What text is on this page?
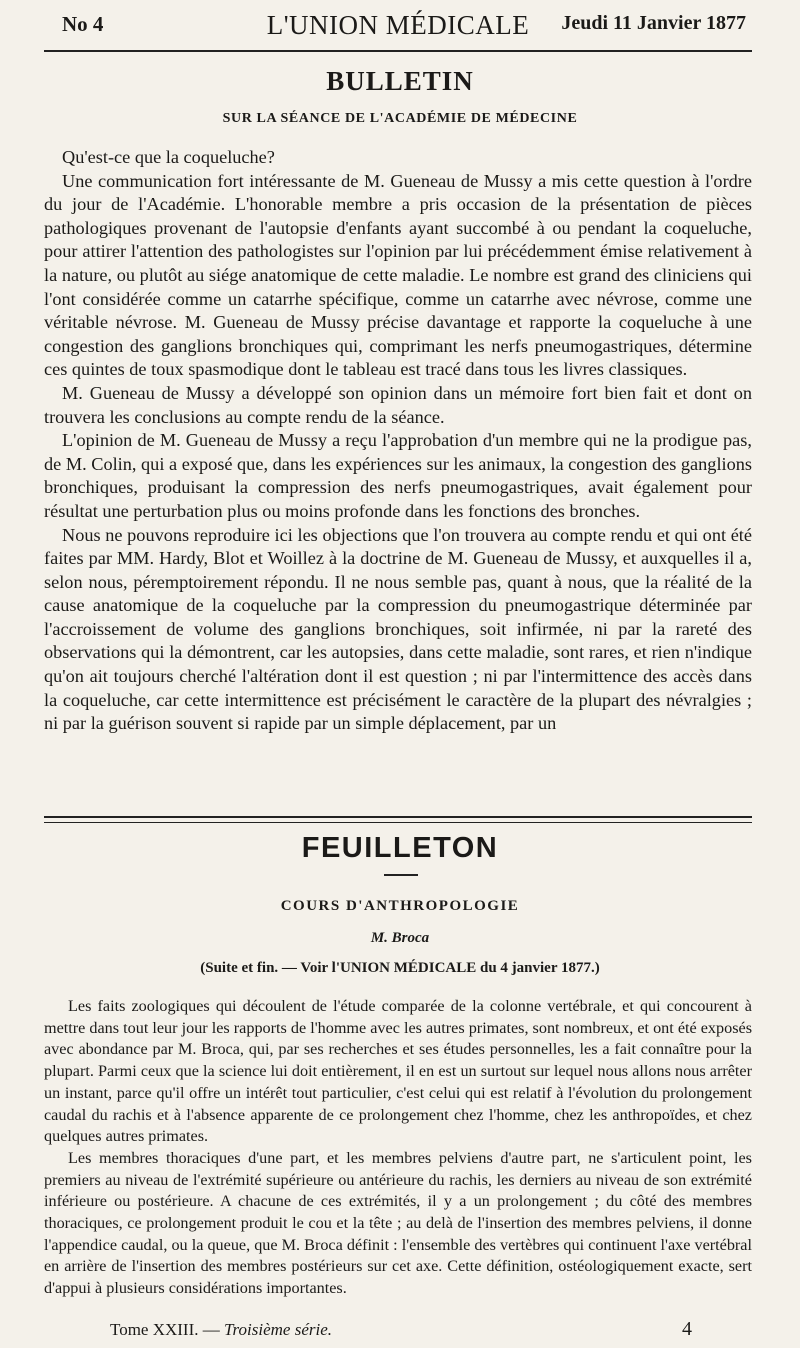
No 4	L'UNION MÉDICALE	Jeudi 11 Janvier 1877
BULLETIN
SUR LA SÉANCE DE L'ACADÉMIE DE MÉDECINE

Qu'est-ce que la coqueluche?

Une communication fort intéressante de M. Gueneau de Mussy a mis cette question à l'ordre du jour de l'Académie. L'honorable membre a pris occasion de la présentation de pièces pathologiques provenant de l'autopsie d'enfants ayant succombé à ou pendant la coqueluche, pour attirer l'attention des pathologistes sur l'opinion par lui précédemment émise relativement à la nature, ou plutôt au siége anatomique de cette maladie. Le nombre est grand des cliniciens qui l'ont considérée comme un catarrhe spécifique, comme un catarrhe avec névrose, comme une véritable névrose. M. Gueneau de Mussy précise davantage et rapporte la coqueluche à une congestion des ganglions bronchiques qui, comprimant les nerfs pneumogastriques, détermine ces quintes de toux spasmodique dont le tableau est tracé dans tous les livres classiques.

M. Gueneau de Mussy a développé son opinion dans un mémoire fort bien fait et dont on trouvera les conclusions au compte rendu de la séance.

L'opinion de M. Gueneau de Mussy a reçu l'approbation d'un membre qui ne la prodigue pas, de M. Colin, qui a exposé que, dans les expériences sur les animaux, la congestion des ganglions bronchiques, produisant la compression des nerfs pneumogastriques, avait également pour résultat une perturbation plus ou moins profonde dans les fonctions des bronches.

Nous ne pouvons reproduire ici les objections que l'on trouvera au compte rendu et qui ont été faites par MM. Hardy, Blot et Woillez à la doctrine de M. Gueneau de Mussy, et auxquelles il a, selon nous, péremptoirement répondu. Il ne nous semble pas, quant à nous, que la réalité de la cause anatomique de la coqueluche par la compression du pneumogastrique déterminée par l'accroissement de volume des ganglions bronchiques, soit infirmée, ni par la rareté des observations qui la démontrent, car les autopsies, dans cette maladie, sont rares, et rien n'indique qu'on ait toujours cherché l'altération dont il est question ; ni par l'intermittence des accès dans la coqueluche, car cette intermittence est précisément le caractère de la plupart des névralgies ; ni par la guérison souvent si rapide par un simple déplacement, par un

FEUILLETON
COURS D'ANTHROPOLOGIE
M. Broca
(Suite et fin. — Voir l'UNION MÉDICALE du 4 janvier 1877.)

Les faits zoologiques qui découlent de l'étude comparée de la colonne vertébrale, et qui concourent à mettre dans tout leur jour les rapports de l'homme avec les autres primates, sont nombreux, et ont été exposés avec abondance par M. Broca, qui, par ses recherches et ses études personnelles, les a fait connaître pour la plupart. Parmi ceux que la science lui doit entièrement, il en est un surtout sur lequel nous allons nous arrêter un instant, parce qu'il offre un intérêt tout particulier, c'est celui qui est relatif à l'évolution du prolongement caudal du rachis et à l'absence apparente de ce prolongement chez l'homme, chez les anthropoïdes, et chez quelques autres primates.

Les membres thoraciques d'une part, et les membres pelviens d'autre part, ne s'articulent point, les premiers au niveau de l'extrémité supérieure ou antérieure du rachis, les derniers au niveau de son extrémité inférieure ou postérieure. A chacune de ces extrémités, il y a un prolongement ; du côté des membres thoraciques, ce prolongement produit le cou et la tête ; au delà de l'insertion des membres pelviens, il donne l'appendice caudal, ou la queue, que M. Broca définit : l'ensemble des vertèbres qui continuent l'axe vertébral en arrière de l'insertion des membres postérieurs sur cet axe. Cette définition, ostéologiquement exacte, sert d'appui à plusieurs considérations importantes.

Tome XXIII. — Troisième série.	4
